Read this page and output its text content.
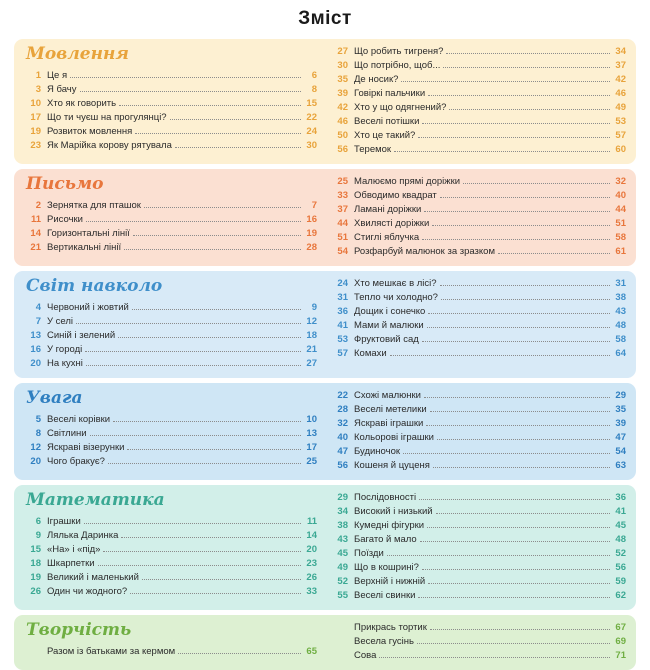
Зміст
Мовлення
1 Це я	6
3 Я бачу	8
10 Хто як говорить	15
17 Що ти чуєш на прогулянці?	22
19 Розвиток мовлення	24
23 Як Марійка корову рятувала	30
27 Що робить тигреня?	34
30 Що потрібно, щоб...	37
35 Де носик?	42
39 Говіркі пальчики	46
42 Хто у що одягнений?	49
46 Веселі потішки	53
50 Хто це такий?	57
56 Теремок	60
Письмо
2 Зернятка для пташок	7
11 Рисочки	16
14 Горизонтальні лінії	19
21 Вертикальні лінії	28
25 Малюємо прямі доріжки	32
33 Обводимо квадрат	40
37 Ламані доріжки	44
44 Хвилясті доріжки	51
51 Стиглі яблучка	58
54 Розфарбуй малюнок за зразком	61
Світ навколо
4 Червоний і жовтий	9
7 У селі	12
13 Синій і зелений	18
16 У городі	21
20 На кухні	27
24 Хто мешкає в лісі?	31
31 Тепло чи холодно?	38
36 Дощик і сонечко	43
41 Мами й малюки	48
53 Фруктовий сад	58
57 Комахи	64
Увага
5 Веселі корівки	10
8 Світлини	13
12 Яскраві візерунки	17
20 Чого бракує?	25
22 Схожі малюнки	29
28 Веселі метелики	35
32 Яскраві іграшки	39
40 Кольорові іграшки	47
47 Будиночок	54
56 Кошеня й цуценя	63
Математика
6 Іграшки	11
9 Лялька Даринка	14
15 «На» і «під»	20
18 Шкарпетки	23
19 Великий і маленький	26
26 Один чи жодного?	33
29 Послідовності	36
34 Високий і низький	41
38 Кумедні фігурки	45
43 Багато й мало	48
45 Поїзди	52
49 Що в кошрині?	56
52 Верхній і нижній	59
55 Веселі свинки	62
Творчість
Разом із батьками за кермом	65
Прикрась тортик	67
Весела гусінь	69
Сова	71
